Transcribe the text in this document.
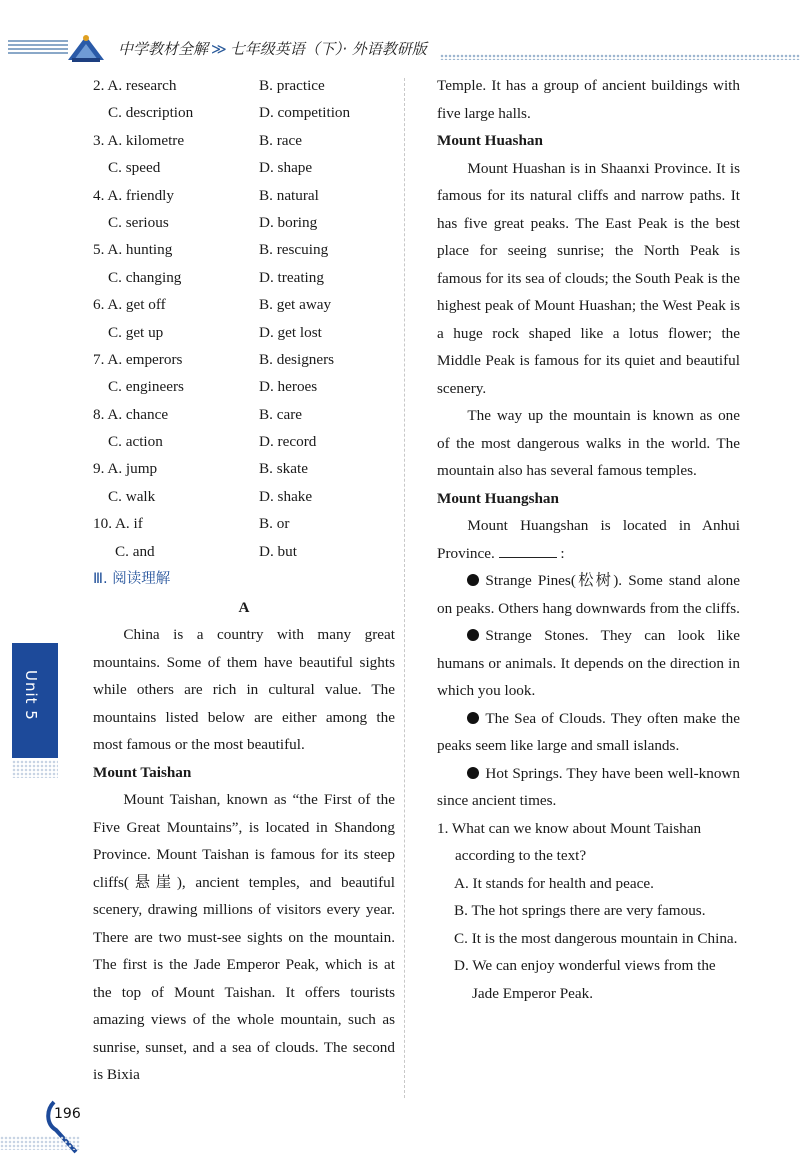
中学教材全解 ≫ 七年级英语（下）· 外语教研版
2. A. research	B. practice
C. description	D. competition
3. A. kilometre	B. race
C. speed	D. shape
4. A. friendly	B. natural
C. serious	D. boring
5. A. hunting	B. rescuing
C. changing	D. treating
6. A. get off	B. get away
C. get up	D. get lost
7. A. emperors	B. designers
C. engineers	D. heroes
8. A. chance	B. care
C. action	D. record
9. A. jump	B. skate
C. walk	D. shake
10. A. if	B. or
C. and	D. but

Ⅲ. 阅读理解

A

China is a country with many great mountains. Some of them have beautiful sights while others are rich in cultural value. The mountains listed below are either among the most famous or the most beautiful.

Mount Taishan

Mount Taishan, known as “the First of the Five Great Mountains”, is located in Shandong Province. Mount Taishan is famous for its steep cliffs(悬崖), ancient temples, and beautiful scenery, drawing millions of visitors every year. There are two must-see sights on the mountain. The first is the Jade Emperor Peak, which is at the top of Mount Taishan. It offers tourists amazing views of the whole mountain, such as sunrise, sunset, and a sea of clouds. The second is Bixia

Temple. It has a group of ancient buildings with five large halls.

Mount Huashan

Mount Huashan is in Shaanxi Province. It is famous for its natural cliffs and narrow paths. It has five great peaks. The East Peak is the best place for seeing sunrise; the North Peak is famous for its sea of clouds; the South Peak is the highest peak of Mount Huashan; the West Peak is a huge rock shaped like a lotus flower; the Middle Peak is famous for its quiet and beautiful scenery.

The way up the mountain is known as one of the most dangerous walks in the world. The mountain also has several famous temples.

Mount Huangshan

Mount Huangshan is located in Anhui Province.	:

Strange Pines(松树). Some stand alone on peaks. Others hang downwards from the cliffs.

Strange Stones. They can look like humans or animals. It depends on the direction in which you look.

The Sea of Clouds. They often make the peaks seem like large and small islands.

Hot Springs. They have been well-known since ancient times.

1. What can we know about Mount Taishan according to the text?

A. It stands for health and peace.

B. The hot springs there are very famous.

C. It is the most dangerous mountain in China.

D. We can enjoy wonderful views from the Jade Emperor Peak.

Unit 5
196
